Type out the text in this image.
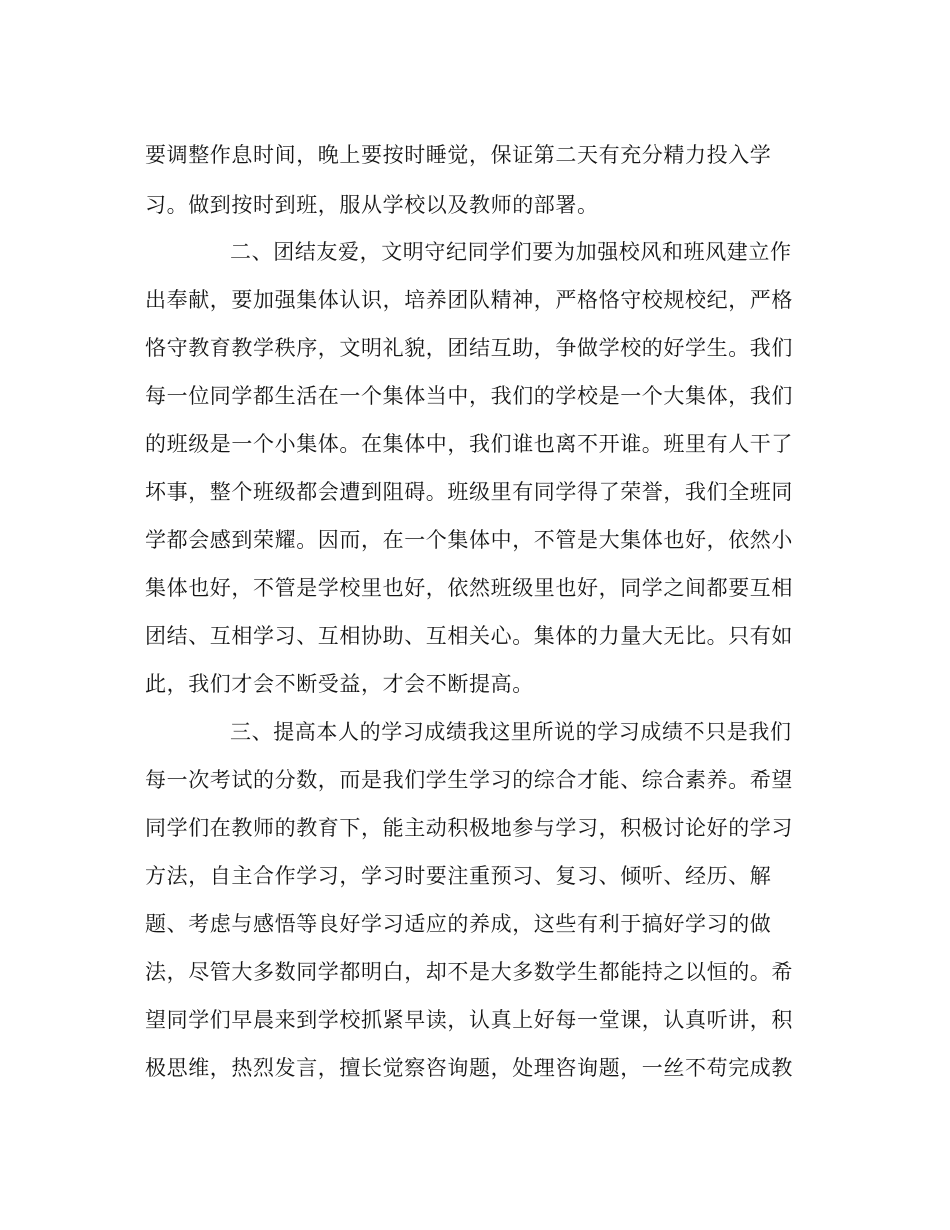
要调整作息时间，晚上要按时睡觉，保证第二天有充分精力投入学
习。做到按时到班，服从学校以及教师的部署。
二、团结友爱，文明守纪同学们要为加强校风和班风建立作
出奉献，要加强集体认识，培养团队精神，严格恪守校规校纪，严格
恪守教育教学秩序，文明礼貌，团结互助，争做学校的好学生。我们
每一位同学都生活在一个集体当中，我们的学校是一个大集体，我们
的班级是一个小集体。在集体中，我们谁也离不开谁。班里有人干了
坏事，整个班级都会遭到阻碍。班级里有同学得了荣誉，我们全班同
学都会感到荣耀。因而，在一个集体中，不管是大集体也好，依然小
集体也好，不管是学校里也好，依然班级里也好，同学之间都要互相
团结、互相学习、互相协助、互相关心。集体的力量大无比。只有如
此，我们才会不断受益，才会不断提高。
三、提高本人的学习成绩我这里所说的学习成绩不只是我们
每一次考试的分数，而是我们学生学习的综合才能、综合素养。希望
同学们在教师的教育下，能主动积极地参与学习，积极讨论好的学习
方法，自主合作学习，学习时要注重预习、复习、倾听、经历、解
题、考虑与感悟等良好学习适应的养成，这些有利于搞好学习的做
法，尽管大多数同学都明白，却不是大多数学生都能持之以恒的。希
望同学们早晨来到学校抓紧早读，认真上好每一堂课，认真听讲，积
极思维，热烈发言，擅长觉察咨询题，处理咨询题，一丝不苟完成教
